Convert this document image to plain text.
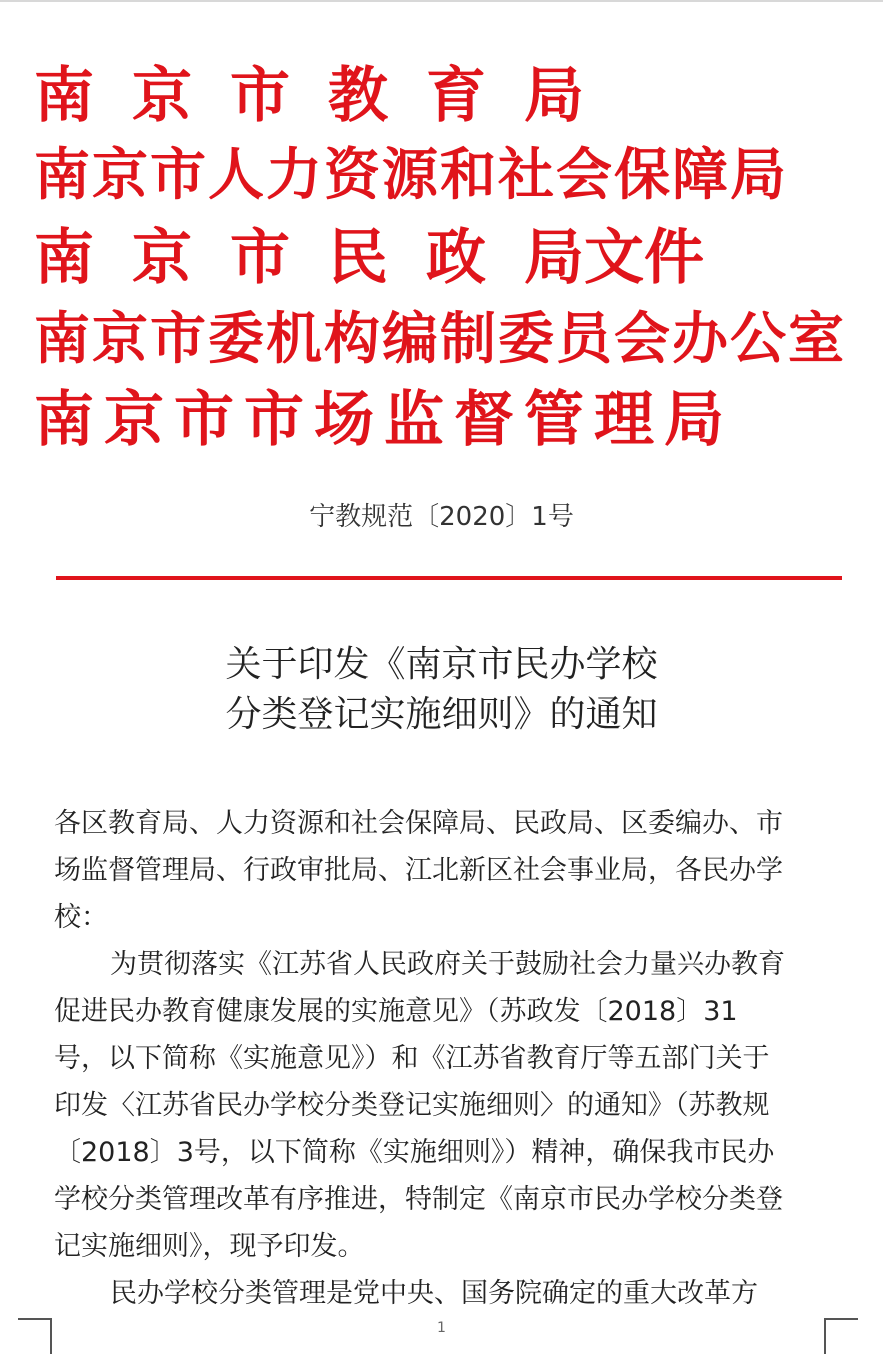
南京市教育局
南京市人力资源和社会保障局
南 京 市 民 政 局文件
南京市委机构编制委员会办公室
南京市市场监督管理局
宁教规范〔2020〕1号
关于印发《南京市民办学校
分类登记实施细则》的通知
各区教育局、人力资源和社会保障局、民政局、区委编办、市
场监督管理局、行政审批局、江北新区社会事业局，各民办学
校：
为贯彻落实《江苏省人民政府关于鼓励社会力量兴办教育
促进民办教育健康发展的实施意见》（苏政发〔2018〕31
号，以下简称《实施意见》）和《江苏省教育厅等五部门关于
印发〈江苏省民办学校分类登记实施细则〉的通知》（苏教规
〔2018〕3号，以下简称《实施细则》）精神，确保我市民办
学校分类管理改革有序推进，特制定《南京市民办学校分类登
记实施细则》，现予印发。
民办学校分类管理是党中央、国务院确定的重大改革方
1
